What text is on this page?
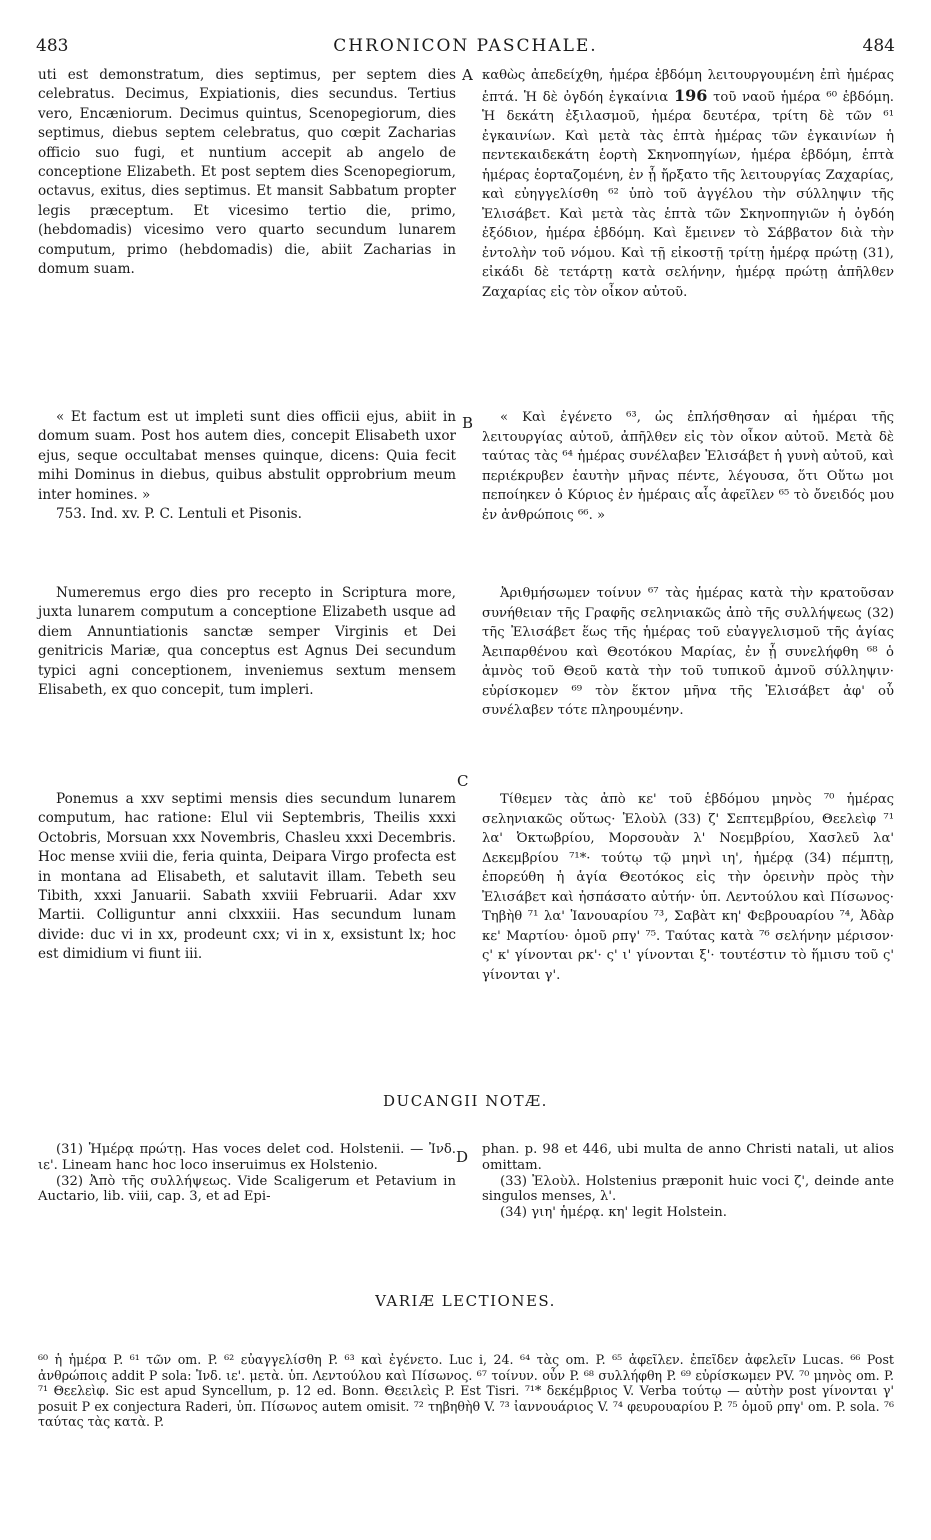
483	CHRONICON PASCHALE.	484
A
B
C
D

uti est demonstratum, dies septimus, per septem dies celebratus. Decimus, Expiationis, dies secundus. Tertius vero, Encæniorum. Decimus quintus, Scenopegiorum, dies septimus, diebus septem celebratus, quo cœpit Zacharias officio suo fugi, et nuntium accepit ab angelo de conceptione Elizabeth. Et post septem dies Scenopegiorum, octavus, exitus, dies septimus. Et mansit Sabbatum propter legis præceptum. Et vicesimo tertio die, primo, (hebdomadis) vicesimo vero quarto secundum lunarem computum, primo (hebdomadis) die, abiit Zacharias in domum suam.

« Et factum est ut impleti sunt dies officii ejus, abiit in domum suam. Post hos autem dies, concepit Elisabeth uxor ejus, seque occultabat menses quinque, dicens: Quia fecit mihi Dominus in diebus, quibus abstulit opprobrium meum inter homines. »

753. Ind. xv. P. C. Lentuli et Pisonis.

Numeremus ergo dies pro recepto in Scriptura more, juxta lunarem computum a conceptione Elizabeth usque ad diem Annuntiationis sanctæ semper Virginis et Dei genitricis Mariæ, qua conceptus est Agnus Dei secundum typici agni conceptionem, inveniemus sextum mensem Elisabeth, ex quo concepit, tum impleri.

Ponemus a xxv septimi mensis dies secundum lunarem computum, hac ratione: Elul vii Septembris, Theilis xxxi Octobris, Morsuan xxx Novembris, Chasleu xxxi Decembris. Hoc mense xviii die, feria quinta, Deipara Virgo profecta est in montana ad Elisabeth, et salutavit illam. Tebeth seu Tibith, xxxi Januarii. Sabath xxviii Februarii. Adar xxv Martii. Colliguntur anni clxxxiii. Has secundum lunam divide: duc vi in xx, prodeunt cxx; vi in x, exsistunt lx; hoc est dimidium vi fiunt iii.

καθὼς ἀπεδείχθη, ἡμέρα ἑβδόμη λειτουργουμένη ἐπὶ ἡμέρας ἑπτά. Ἡ δὲ ὀγδόη ἐγκαίνια 196 τοῦ ναοῦ ἡμέρα ⁶⁰ ἑβδόμη. Ἡ δεκάτη ἐξιλασμοῦ, ἡμέρα δευτέρα, τρίτη δὲ τῶν ⁶¹ ἐγκαινίων. Καὶ μετὰ τὰς ἑπτὰ ἡμέρας τῶν ἐγκαινίων ἡ πεντεκαιδεκάτη ἑορτὴ Σκηνοπηγίων, ἡμέρα ἑβδόμη, ἑπτὰ ἡμέρας ἑορταζομένη, ἐν ᾗ ἤρξατο τῆς λειτουργίας Ζαχαρίας, καὶ εὐηγγελίσθη ⁶² ὑπὸ τοῦ ἀγγέλου τὴν σύλληψιν τῆς Ἐλισάβετ. Καὶ μετὰ τὰς ἑπτὰ τῶν Σκηνοπηγιῶν ἡ ὀγδόη ἐξόδιον, ἡμέρα ἑβδόμη. Καὶ ἔμεινεν τὸ Σάββατον διὰ τὴν ἐντολὴν τοῦ νόμου. Καὶ τῇ εἰκοστῇ τρίτῃ ἡμέρᾳ πρώτῃ (31), εἰκάδι δὲ τετάρτῃ κατὰ σελήνην, ἡμέρᾳ πρώτῃ ἀπῆλθεν Ζαχαρίας εἰς τὸν οἶκον αὐτοῦ.

« Καὶ ἐγένετο ⁶³, ὡς ἐπλήσθησαν αἱ ἡμέραι τῆς λειτουργίας αὐτοῦ, ἀπῆλθεν εἰς τὸν οἶκον αὐτοῦ. Μετὰ δὲ ταύτας τὰς ⁶⁴ ἡμέρας συνέλαβεν Ἐλισάβετ ἡ γυνὴ αὐτοῦ, καὶ περιέκρυβεν ἑαυτὴν μῆνας πέντε, λέγουσα, ὅτι Οὕτω μοι πεποίηκεν ὁ Κύριος ἐν ἡμέραις αἷς ἀφεῖλεν ⁶⁵ τὸ ὄνειδός μου ἐν ἀνθρώποις ⁶⁶. »

Ἀριθμήσωμεν τοίνυν ⁶⁷ τὰς ἡμέρας κατὰ τὴν κρατοῦσαν συνήθειαν τῆς Γραφῆς σεληνιακῶς ἀπὸ τῆς συλλήψεως (32) τῆς Ἐλισάβετ ἕως τῆς ἡμέρας τοῦ εὐαγγελισμοῦ τῆς ἁγίας Ἀειπαρθένου καὶ Θεοτόκου Μαρίας, ἐν ᾗ συνελήφθη ⁶⁸ ὁ ἀμνὸς τοῦ Θεοῦ κατὰ τὴν τοῦ τυπικοῦ ἀμνοῦ σύλληψιν· εὑρίσκομεν ⁶⁹ τὸν ἕκτον μῆνα τῆς Ἐλισάβετ ἀφ' οὗ συνέλαβεν τότε πληρουμένην.

Τίθεμεν τὰς ἀπὸ κε' τοῦ ἑβδόμου μηνὸς ⁷⁰ ἡμέρας σεληνιακῶς οὕτως· Ἐλοὺλ (33) ζ' Σεπτεμβρίου, Θεελεὶφ ⁷¹ λα' Ὀκτωβρίου, Μορσουὰν λ' Νοεμβρίου, Χασλεῦ λα' Δεκεμβρίου ⁷¹*· τούτῳ τῷ μηνὶ ιη', ἡμέρᾳ (34) πέμπτῃ, ἐπορεύθη ἡ ἁγία Θεοτόκος εἰς τὴν ὀρεινὴν πρὸς τὴν Ἐλισάβετ καὶ ἠσπάσατο αὐτήν· ὑπ. Λεντούλου καὶ Πίσωνος· Τηβὴθ ⁷¹ λα' Ἰανουαρίου ⁷³, Σαβὰτ κη' Φεβρουαρίου ⁷⁴, Ἀδὰρ κε' Μαρτίου· ὁμοῦ ρπγ' ⁷⁵. Ταύτας κατὰ ⁷⁶ σελήνην μέρισον· ς' κ' γίνονται ρκ'· ς' ι' γίνονται ξ'· τουτέστιν τὸ ἥμισυ τοῦ ς' γίνονται γ'.

DUCANGII NOTÆ.

(31) Ἡμέρᾳ πρώτῃ. Has voces delet cod. Holstenii. — Ἰνδ. ιε'. Lineam hanc hoc loco inseruimus ex Holstenio.

(32) Ἀπὸ τῆς συλλήψεως. Vide Scaligerum et Petavium in Auctario, lib. viii, cap. 3, et ad Epi-

phan. p. 98 et 446, ubi multa de anno Christi natali, ut alios omittam.

(33) Ἐλοὺλ. Holstenius præponit huic voci ζ', deinde ante singulos menses, λ'.

(34) γιη' ἡμέρᾳ. κη' legit Holstein.

VARIÆ LECTIONES.
⁶⁰ ἡ ἡμέρα P. ⁶¹ τῶν om. P. ⁶² εὐαγγελίσθη P. ⁶³ καὶ ἐγένετο. Luc i, 24. ⁶⁴ τὰς om. P. ⁶⁵ ἀφεῖλεν. ἐπεῖδεν ἀφελεῖν Lucas. ⁶⁶ Post ἀνθρώποις addit P sola: Ἰνδ. ιε'. μετὰ. ὑπ. Λεντούλου καὶ Πίσωνος. ⁶⁷ τοίνυν. οὖν P. ⁶⁸ συλλήφθη P. ⁶⁹ εὑρίσκωμεν PV. ⁷⁰ μηνὸς om. P. ⁷¹ Θεελεὶφ. Sic est apud Syncellum, p. 12 ed. Bonn. Θεειλεὶς P. Est Tisri. ⁷¹* δεκέμβριος V. Verba τούτῳ — αὐτὴν post γίνονται γ' posuit P ex conjectura Raderi, ὑπ. Πίσωνος autem omisit. ⁷² τηβηθὴθ V. ⁷³ ἰαννουάριος V. ⁷⁴ φευρουαρίου P. ⁷⁵ ὁμοῦ ρπγ' om. P. sola. ⁷⁶ ταύτας τὰς κατὰ. P.
